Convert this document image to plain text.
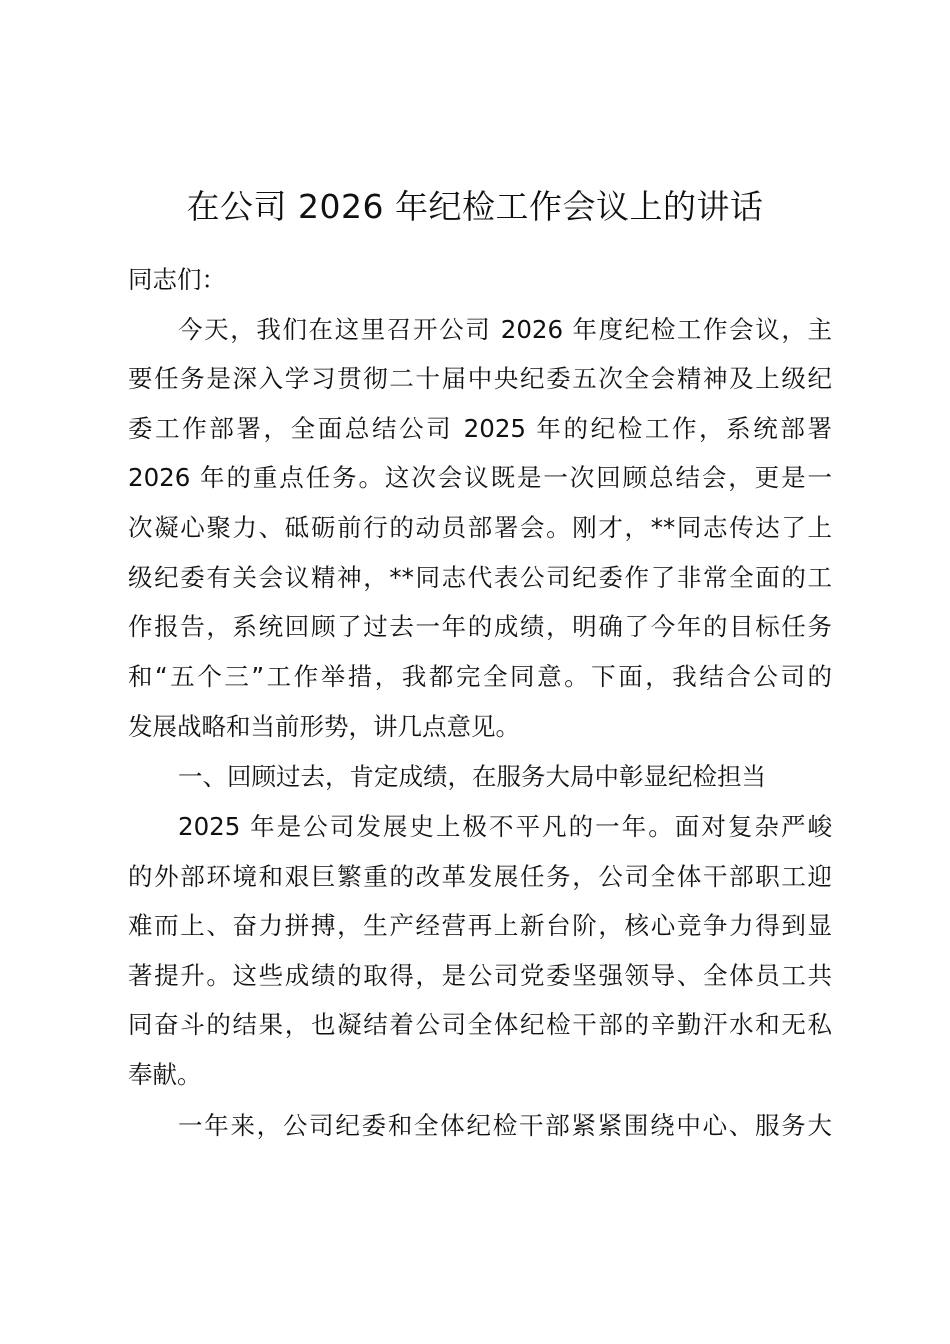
在公司 2026 年纪检工作会议上的讲话
同志们：
今天，我们在这里召开公司 2026 年度纪检工作会议，主
要任务是深入学习贯彻二十届中央纪委五次全会精神及上级纪
委工作部署，全面总结公司 2025 年的纪检工作，系统部署
2026 年的重点任务。这次会议既是一次回顾总结会，更是一
次凝心聚力、砥砺前行的动员部署会。刚才，**同志传达了上
级纪委有关会议精神，**同志代表公司纪委作了非常全面的工
作报告，系统回顾了过去一年的成绩，明确了今年的目标任务
和“五个三”工作举措，我都完全同意。下面，我结合公司的
发展战略和当前形势，讲几点意见。
一、回顾过去，肯定成绩，在服务大局中彰显纪检担当
2025 年是公司发展史上极不平凡的一年。面对复杂严峻
的外部环境和艰巨繁重的改革发展任务，公司全体干部职工迎
难而上、奋力拼搏，生产经营再上新台阶，核心竞争力得到显
著提升。这些成绩的取得，是公司党委坚强领导、全体员工共
同奋斗的结果，也凝结着公司全体纪检干部的辛勤汗水和无私
奉献。
一年来，公司纪委和全体纪检干部紧紧围绕中心、服务大
